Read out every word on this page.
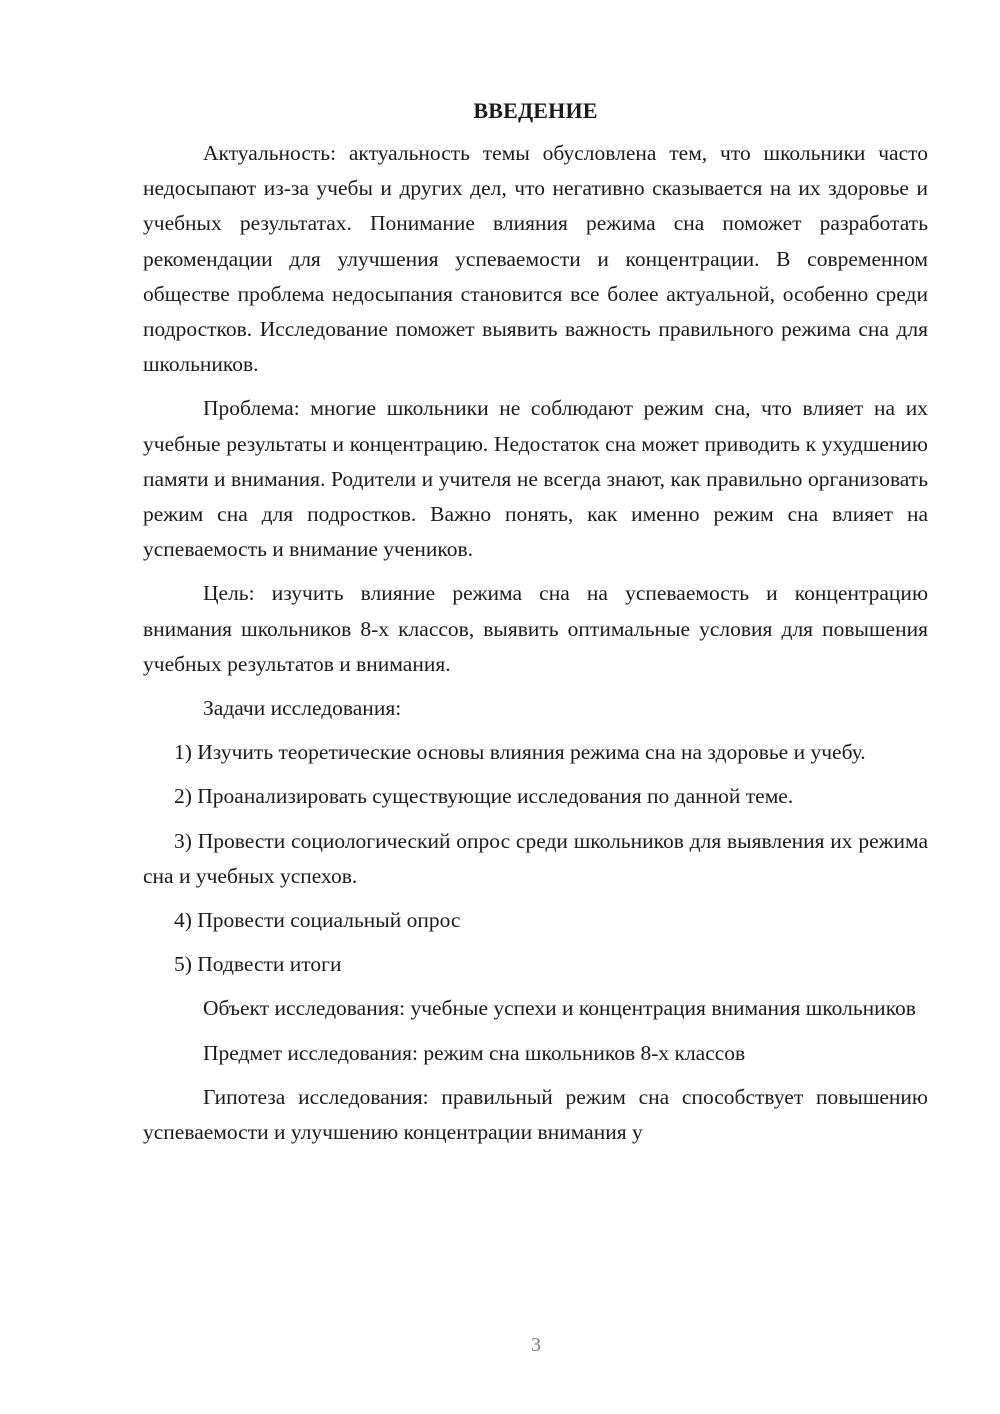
ВВЕДЕНИЕ

Актуальность: актуальность темы обусловлена тем, что школьники часто недосыпают из-за учебы и других дел, что негативно сказывается на их здоровье и учебных результатах. Понимание влияния режима сна поможет разработать рекомендации для улучшения успеваемости и концентрации. В современном обществе проблема недосыпания становится все более актуальной, особенно среди подростков. Исследование поможет выявить важность правильного режима сна для школьников.

Проблема: многие школьники не соблюдают режим сна, что влияет на их учебные результаты и концентрацию. Недостаток сна может приводить к ухудшению памяти и внимания. Родители и учителя не всегда знают, как правильно организовать режим сна для подростков. Важно понять, как именно режим сна влияет на успеваемость и внимание учеников.

Цель: изучить влияние режима сна на успеваемость и концентрацию внимания школьников 8-х классов, выявить оптимальные условия для повышения учебных результатов и внимания.

Задачи исследования:

1) Изучить теоретические основы влияния режима сна на здоровье и учебу.

2) Проанализировать существующие исследования по данной теме.

3) Провести социологический опрос среди школьников для выявления их режима сна и учебных успехов.

4) Провести социальный опрос

5) Подвести итоги

Объект исследования: учебные успехи и концентрация внимания школьников

Предмет исследования: режим сна школьников 8-х классов

Гипотеза исследования: правильный режим сна способствует повышению успеваемости и улучшению концентрации внимания у

3
